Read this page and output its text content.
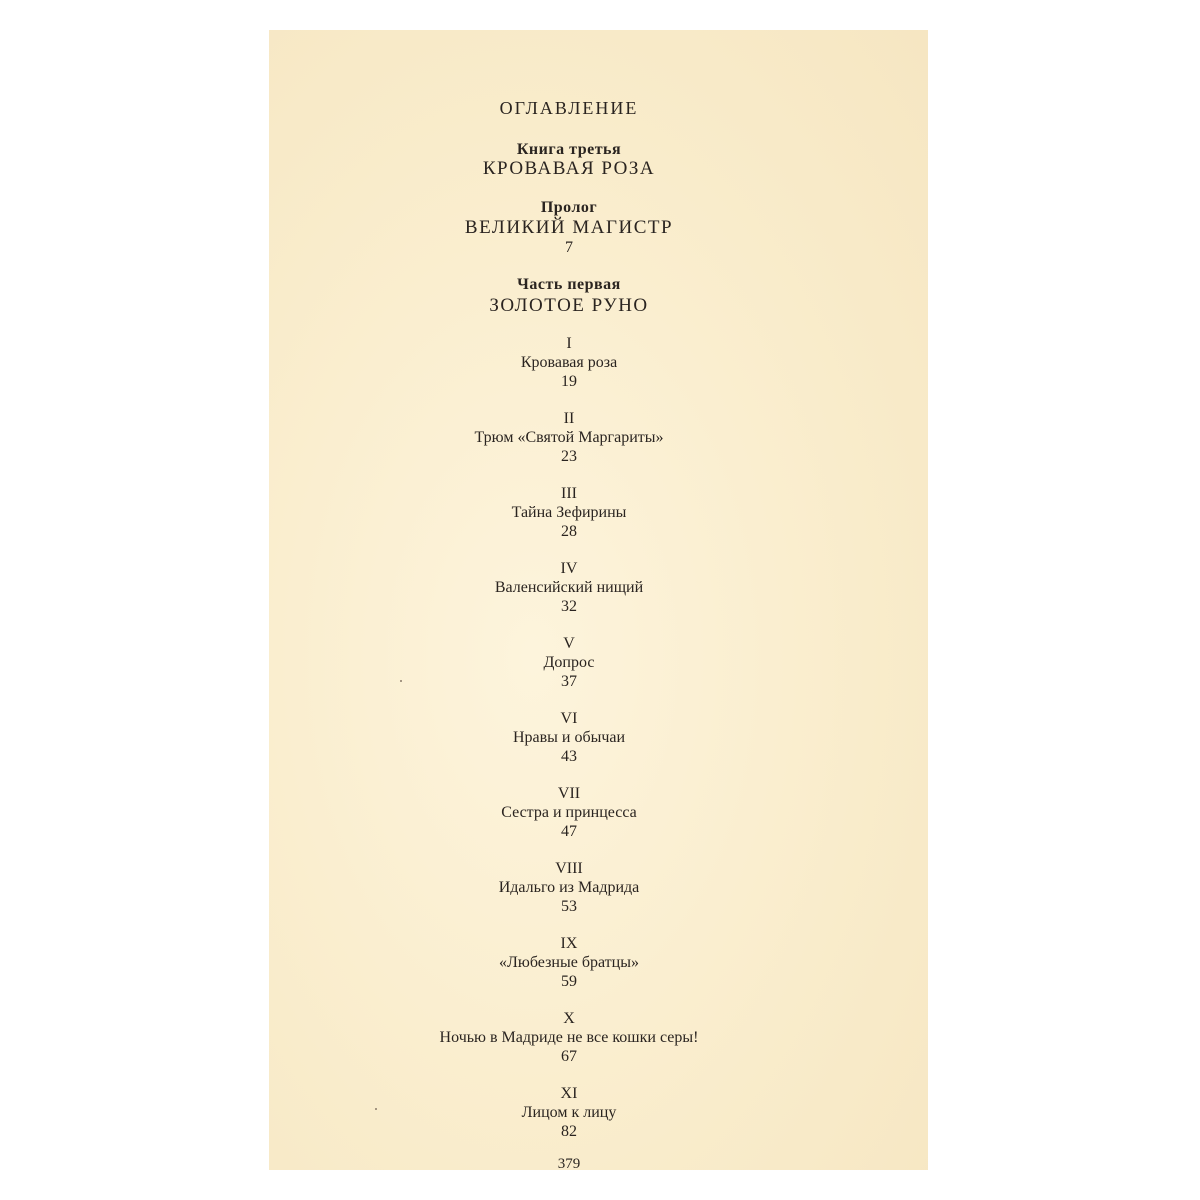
ОГЛАВЛЕНИЕ
Книга третья
КРОВАВАЯ РОЗА
Пролог
ВЕЛИКИЙ МАГИСТР
7
Часть первая
ЗОЛОТОЕ РУНО
I
Кровавая роза
19
II
Трюм «Святой Маргариты»
23
III
Тайна Зефирины
28
IV
Валенсийский нищий
32
V
Допрос
37
VI
Нравы и обычаи
43
VII
Сестра и принцесса
47
VIII
Идальго из Мадрида
53
IX
«Любезные братцы»
59
X
Ночью в Мадриде не все кошки серы!
67
XI
Лицом к лицу
82
379
